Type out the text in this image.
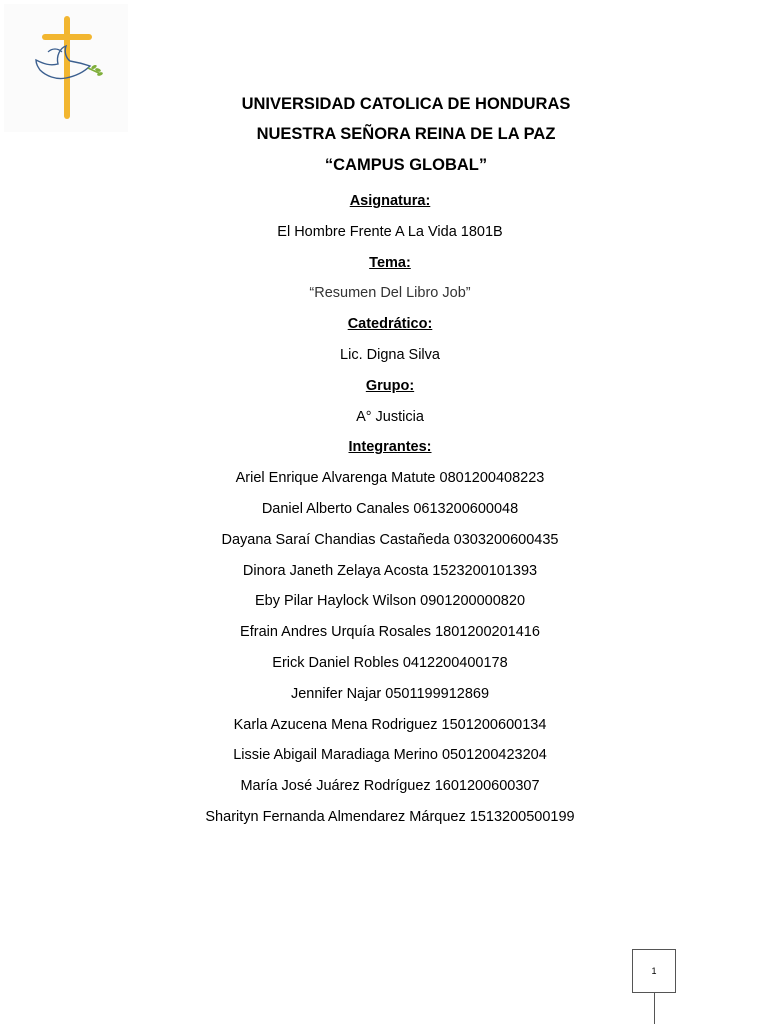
UNIVERSIDAD CATOLICA DE HONDURAS
NUESTRA SEÑORA REINA DE LA PAZ
“CAMPUS GLOBAL”
Asignatura:
El Hombre Frente A La Vida 1801B
Tema:
“Resumen Del Libro Job”
Catedrático:
Lic. Digna Silva
Grupo:
A° Justicia
Integrantes:
Ariel Enrique Alvarenga Matute 0801200408223
Daniel Alberto Canales 0613200600048
Dayana Saraí Chandias Castañeda 0303200600435
Dinora Janeth Zelaya Acosta 1523200101393
Eby Pilar Haylock Wilson 0901200000820
Efrain Andres Urquía Rosales 1801200201416
Erick Daniel Robles 0412200400178
Jennifer Najar 0501199912869
Karla Azucena Mena Rodriguez 1501200600134
Lissie Abigail Maradiaga Merino 0501200423204
María José Juárez Rodríguez 1601200600307
Sharityn Fernanda Almendarez Márquez 1513200500199
1
